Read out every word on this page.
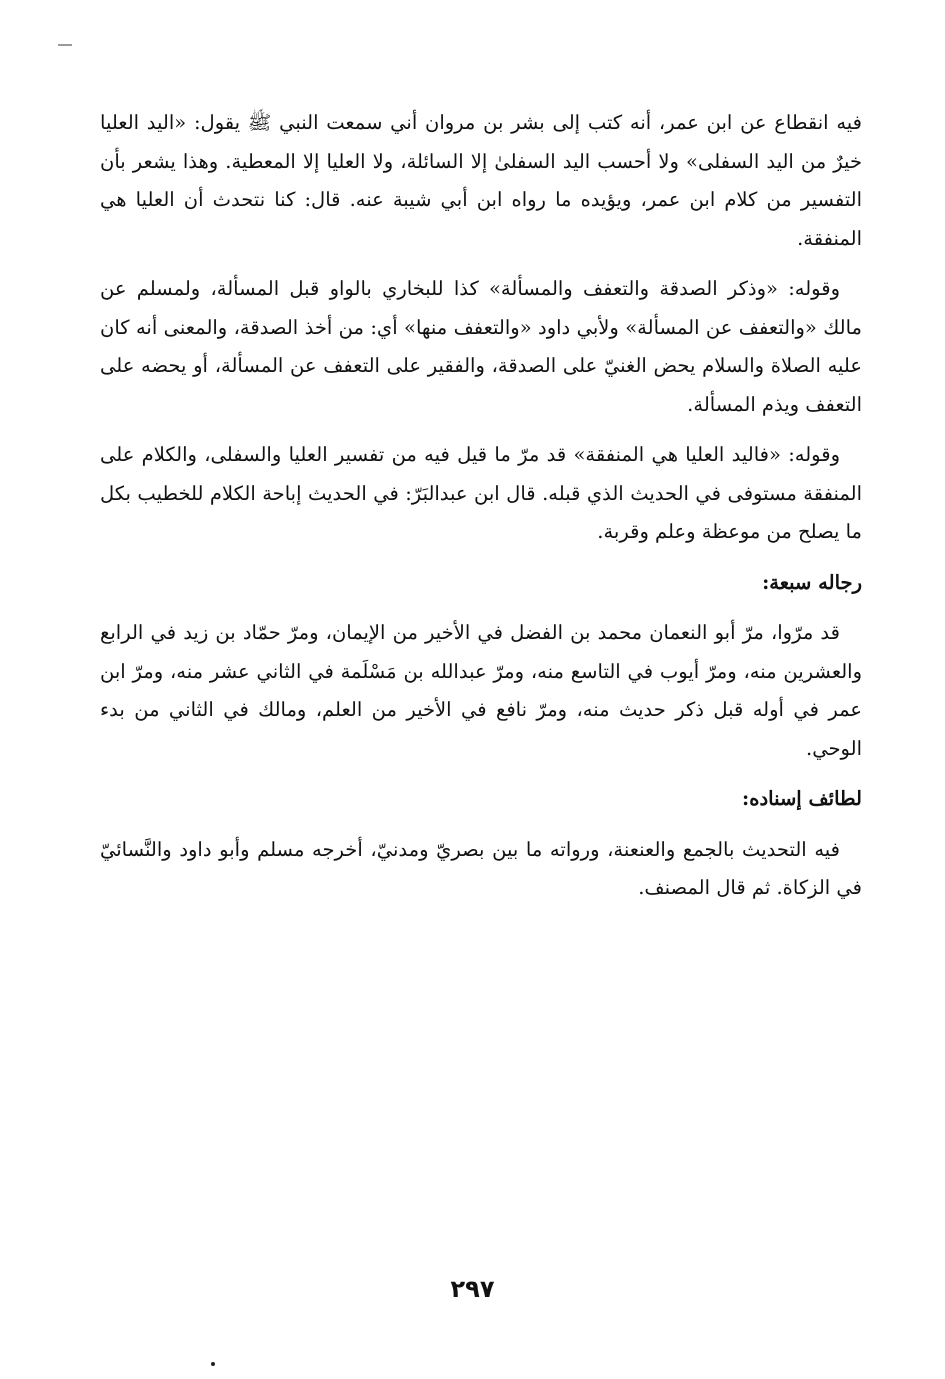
فيه انقطاع عن ابن عمر، أنه كتب إلى بشر بن مروان أني سمعت النبي ﷺ يقول: «اليد العليا خيرٌ من اليد السفلى» ولا أحسب اليد السفلىٰ إلا السائلة، ولا العليا إلا المعطية. وهذا يشعر بأن التفسير من كلام ابن عمر، ويؤيده ما رواه ابن أبي شيبة عنه. قال: كنا نتحدث أن العليا هي المنفقة.

وقوله: «وذكر الصدقة والتعفف والمسألة» كذا للبخاري بالواو قبل المسألة، ولمسلم عن مالك «والتعفف عن المسألة» ولأبي داود «والتعفف منها» أي: من أخذ الصدقة، والمعنى أنه كان عليه الصلاة والسلام يحض الغنيّ على الصدقة، والفقير على التعفف عن المسألة، أو يحضه على التعفف ويذم المسألة.

وقوله: «فاليد العليا هي المنفقة» قد مرّ ما قيل فيه من تفسير العليا والسفلى، والكلام على المنفقة مستوفى في الحديث الذي قبله. قال ابن عبدالبَرّ: في الحديث إباحة الكلام للخطيب بكل ما يصلح من موعظة وعلم وقربة.

رجاله سبعة:

قد مرّوا، مرّ أبو النعمان محمد بن الفضل في الأخير من الإيمان، ومرّ حمّاد بن زيد في الرابع والعشرين منه، ومرّ أيوب في التاسع منه، ومرّ عبدالله بن مَسْلَمة في الثاني عشر منه، ومرّ ابن عمر في أوله قبل ذكر حديث منه، ومرّ نافع في الأخير من العلم، ومالك في الثاني من بدء الوحي.

لطائف إسناده:

فيه التحديث بالجمع والعنعنة، ورواته ما بين بصريّ ومدنيّ، أخرجه مسلم وأبو داود والنَّسائيّ في الزكاة. ثم قال المصنف.

٢٩٧
